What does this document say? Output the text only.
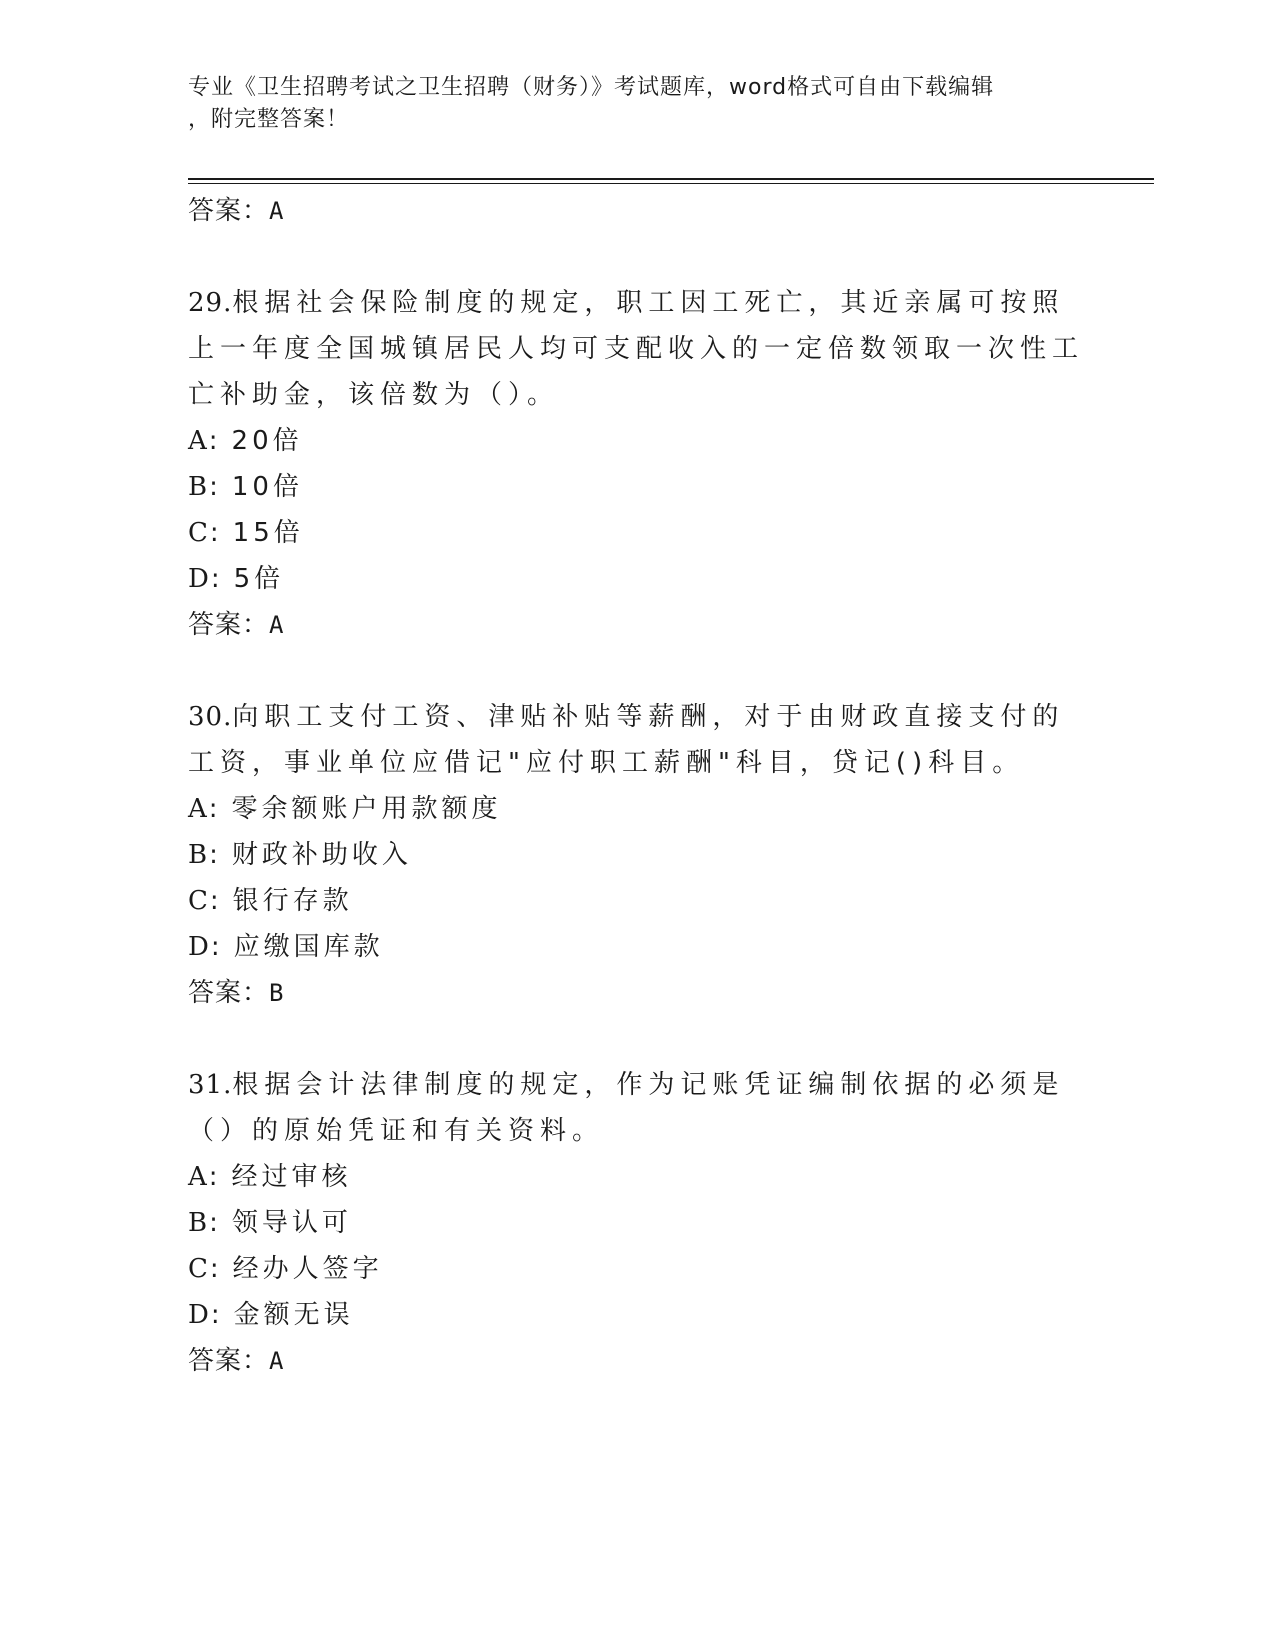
专业《卫生招聘考试之卫生招聘（财务）》考试题库，word格式可自由下载编辑
，附完整答案！
答案：A
29.根据社会保险制度的规定，职工因工死亡，其近亲属可按照上一年度全国城镇居民人均可支配收入的一定倍数领取一次性工亡补助金，该倍数为（）。
A: 20倍
B: 10倍
C: 15倍
D: 5倍
答案：A
30.向职工支付工资、津贴补贴等薪酬，对于由财政直接支付的工资，事业单位应借记"应付职工薪酬"科目，贷记()科目。
A: 零余额账户用款额度
B: 财政补助收入
C: 银行存款
D: 应缴国库款
答案：B
31.根据会计法律制度的规定，作为记账凭证编制依据的必须是（）的原始凭证和有关资料。
A: 经过审核
B: 领导认可
C: 经办人签字
D: 金额无误
答案：A
